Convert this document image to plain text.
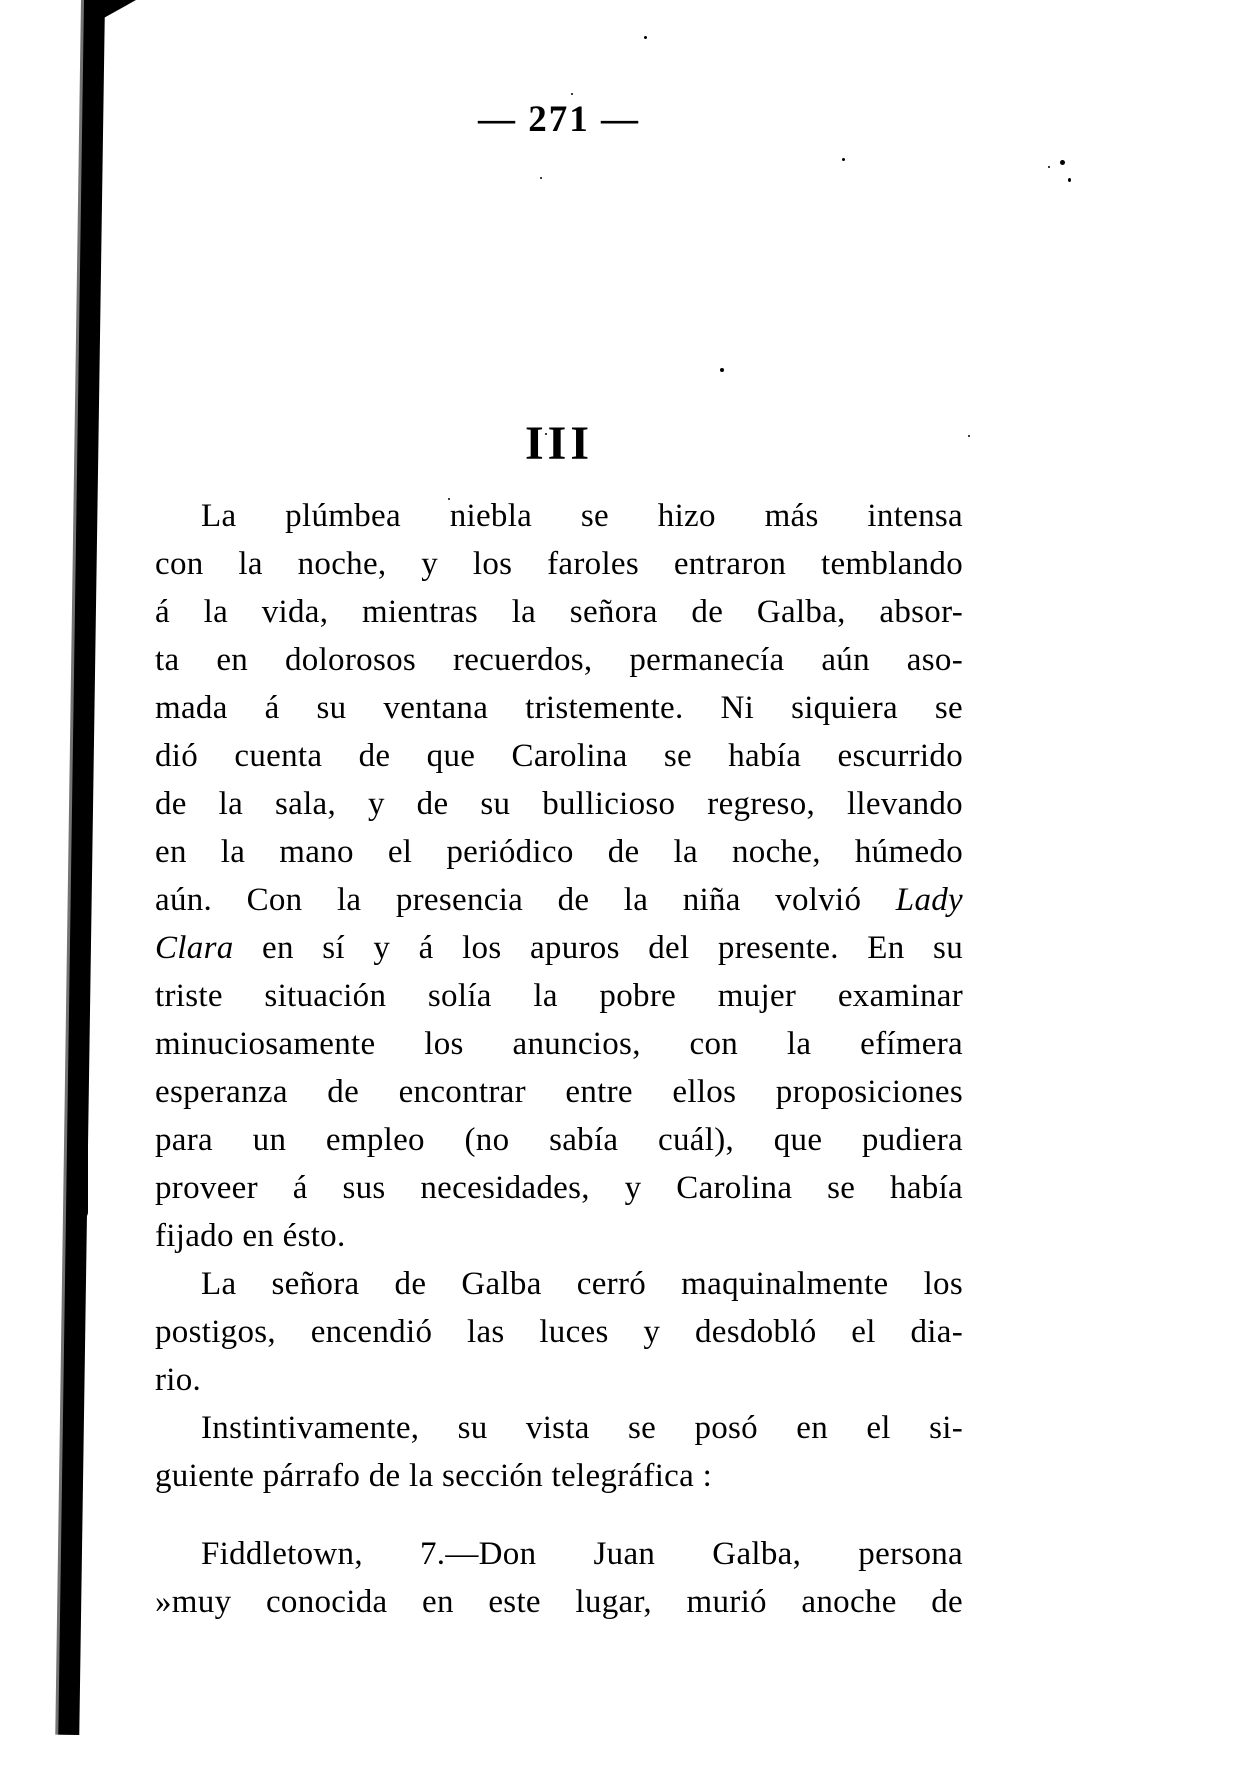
— 271 —
III
La plúmbea niebla se hizo más intensa
con la noche, y los faroles entraron temblando
á la vida, mientras la señora de Galba, absor-
ta en dolorosos recuerdos, permanecía aún aso-
mada á su ventana tristemente. Ni siquiera se
dió cuenta de que Carolina se había escurrido
de la sala, y de su bullicioso regreso, llevando
en la mano el periódico de la noche, húmedo
aún. Con la presencia de la niña volvió Lady
Clara en sí y á los apuros del presente. En su
triste situación solía la pobre mujer examinar
minuciosamente los anuncios, con la efímera
esperanza de encontrar entre ellos proposiciones
para un empleo (no sabía cuál), que pudiera
proveer á sus necesidades, y Carolina se había
fijado en ésto.
La señora de Galba cerró maquinalmente los
postigos, encendió las luces y desdobló el dia-
rio.
Instintivamente, su vista se posó en el si-
guiente párrafo de la sección telegráfica :
Fiddletown, 7.—Don Juan Galba, persona
»muy conocida en este lugar, murió anoche de
